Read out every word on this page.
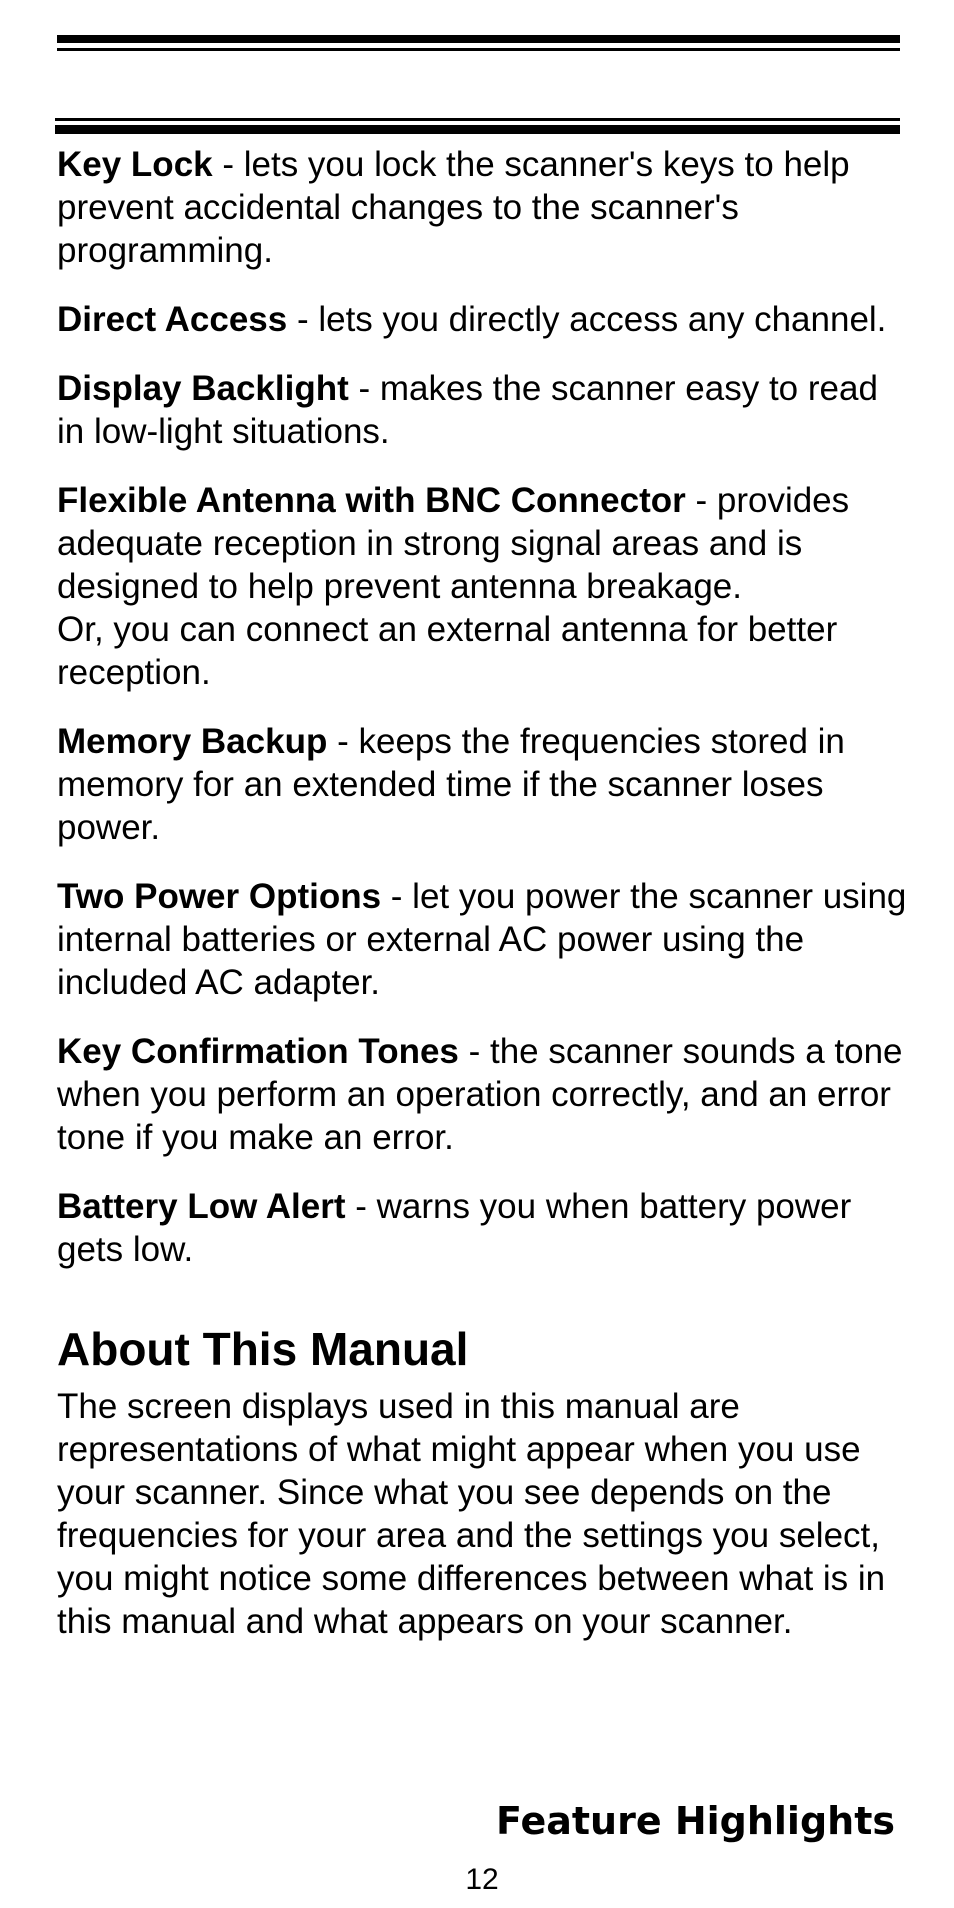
Key Lock - lets you lock the scanner's keys to help prevent accidental changes to the scanner's programming.

Direct Access - lets you directly access any channel.

Display Backlight - makes the scanner easy to read in low-light situations.

Flexible Antenna with BNC Connector - provides adequate reception in strong signal areas and is designed to help prevent antenna breakage.
Or, you can connect an external antenna for better reception.

Memory Backup - keeps the frequencies stored in memory for an extended time if the scanner loses power.

Two Power Options - let you power the scanner using internal batteries or external AC power using the included AC adapter.

Key Confirmation Tones - the scanner sounds a tone when you perform an operation correctly, and an error tone if you make an error.

Battery Low Alert - warns you when battery power gets low.

About This Manual

The screen displays used in this manual are representations of what might appear when you use your scanner. Since what you see depends on the frequencies for your area and the settings you select, you might notice some differences between what is in this manual and what appears on your scanner.

Feature Highlights
12
